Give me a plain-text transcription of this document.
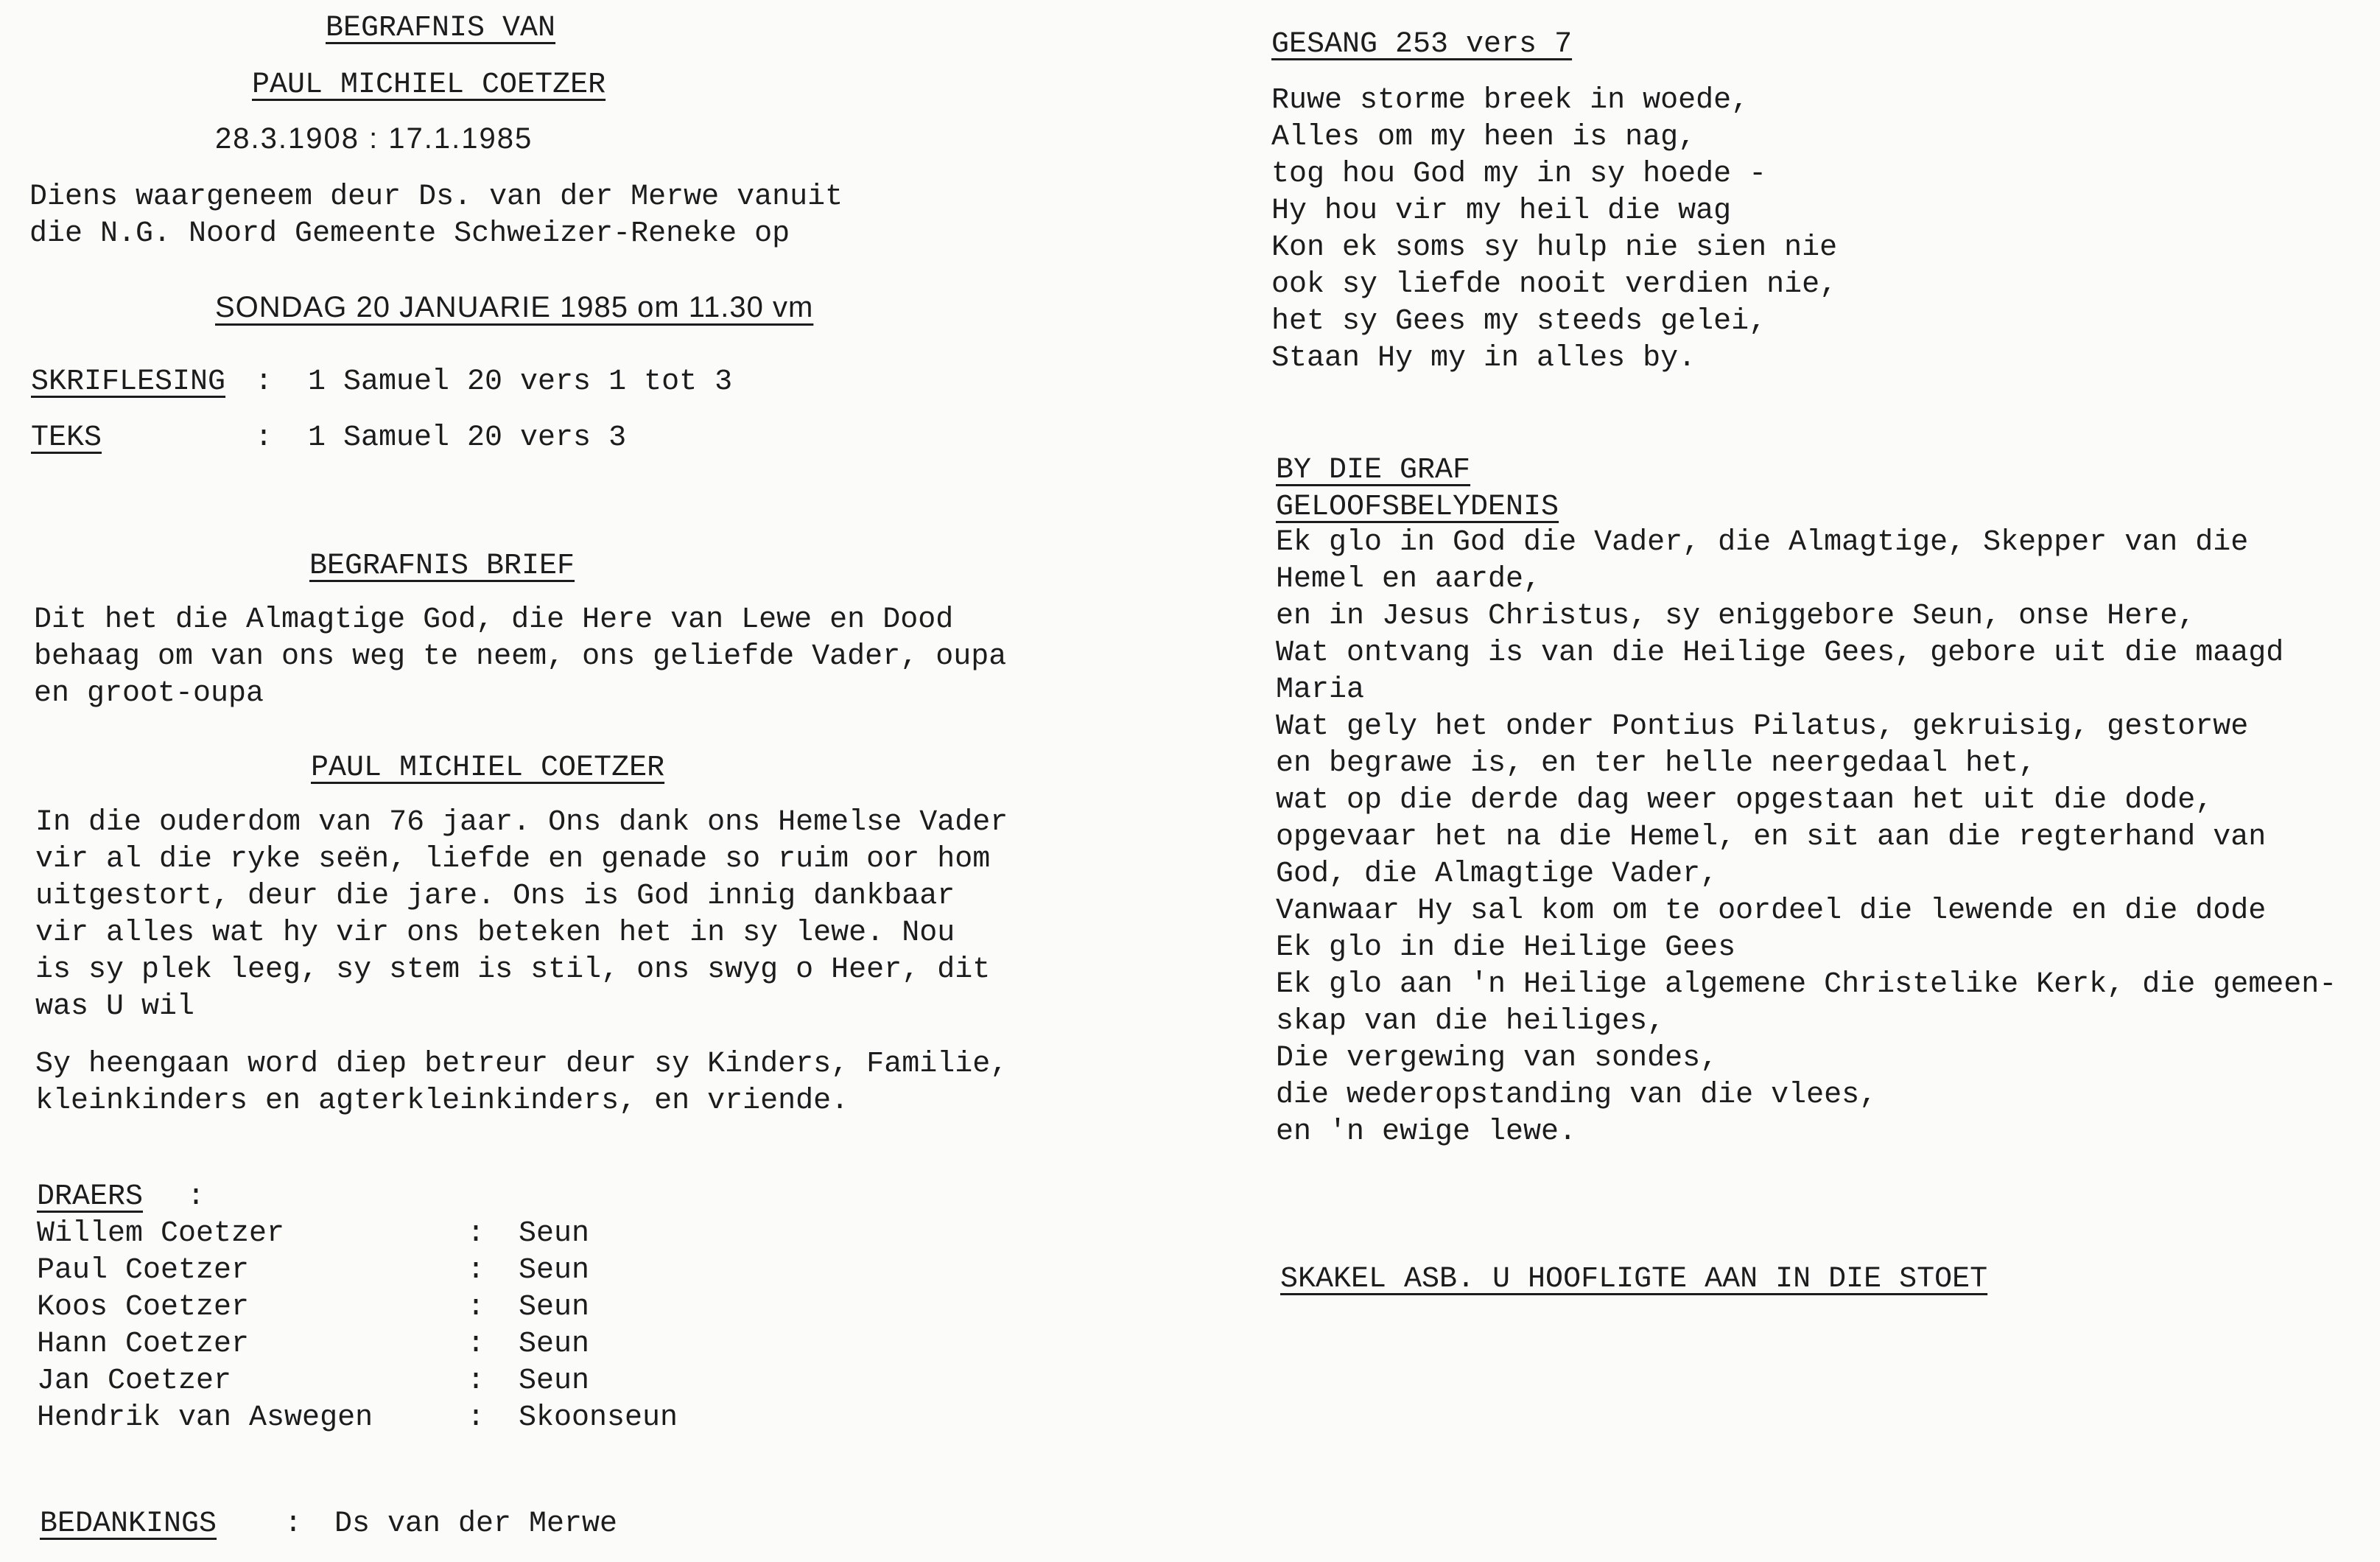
BEGRAFNIS VAN
PAUL MICHIEL COETZER
28.3.1908 : 17.1.1985
Diens waargeneem deur Ds. van der Merwe vanuit
die N.G. Noord Gemeente Schweizer-Reneke op
SONDAG 20 JANUARIE 1985 om 11.30 vm
SKRIFLESING : 1 Samuel 20 vers 1 tot 3
TEKS	: 1 Samuel 20 vers 3
BEGRAFNIS BRIEF
Dit het die Almagtige God, die Here van Lewe en Dood
behaag om van ons weg te neem, ons geliefde Vader, oupa
en groot-oupa
PAUL MICHIEL COETZER
In die ouderdom van 76 jaar. Ons dank ons Hemelse Vader
vir al die ryke seën, liefde en genade so ruim oor hom
uitgestort, deur die jare. Ons is God innig dankbaar
vir alles wat hy vir ons beteken het in sy lewe. Nou
is sy plek leeg, sy stem is stil, ons swyg o Heer, dit
was U wil
Sy heengaan word diep betreur deur sy Kinders, Familie,
kleinkinders en agterkleinkinders, en vriende.
DRAERS :
Willem Coetzer	: Seun
Paul Coetzer	: Seun
Koos Coetzer	: Seun
Hann Coetzer	: Seun
Jan Coetzer	: Seun
Hendrik van Aswegen	: Skoonseun
BEDANKINGS : Ds van der Merwe
GESANG 253 vers 7
Ruwe storme breek in woede,
Alles om my heen is nag,
tog hou God my in sy hoede -
Hy hou vir my heil die wag
Kon ek soms sy hulp nie sien nie
ook sy liefde nooit verdien nie,
het sy Gees my steeds gelei,
Staan Hy my in alles by.
BY DIE GRAF
GELOOFSBELYDENIS
Ek glo in God die Vader, die Almagtige, Skepper van die
Hemel en aarde,
en in Jesus Christus, sy eniggebore Seun, onse Here,
Wat ontvang is van die Heilige Gees, gebore uit die maagd
Maria
Wat gely het onder Pontius Pilatus, gekruisig, gestorwe
en begrawe is, en ter helle neergedaal het,
wat op die derde dag weer opgestaan het uit die dode,
opgevaar het na die Hemel, en sit aan die regterhand van
God, die Almagtige Vader,
Vanwaar Hy sal kom om te oordeel die lewende en die dode
Ek glo in die Heilige Gees
Ek glo aan 'n Heilige algemene Christelike Kerk, die gemeen-
skap van die heiliges,
Die vergewing van sondes,
die wederopstanding van die vlees,
en 'n ewige lewe.
SKAKEL ASB. U HOOFLIGTE AAN IN DIE STOET
